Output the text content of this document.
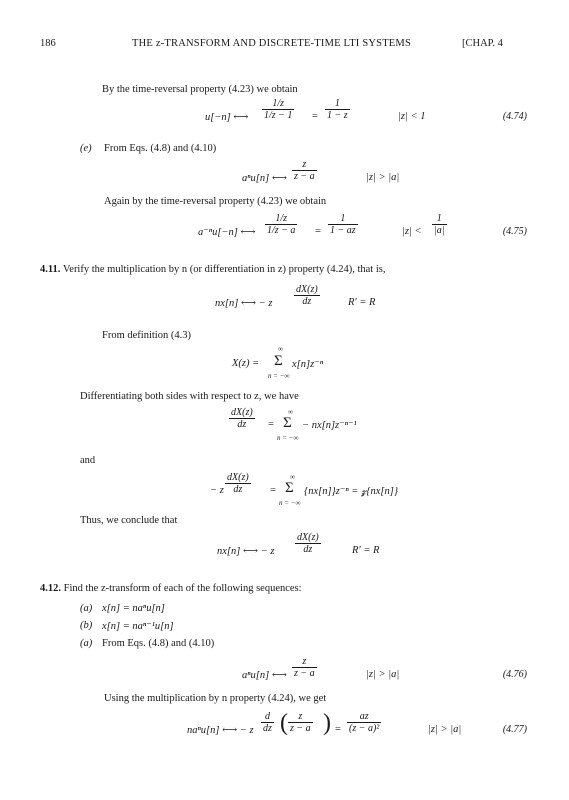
186	THE z-TRANSFORM AND DISCRETE-TIME LTI SYSTEMS	[CHAP. 4
By the time-reversal property (4.23) we obtain
u[−n] ⟷ $\frac{1/z}{1/z - 1} = \frac{1}{1 - z}$	|z| < 1	(4.74)
(e) From Eqs. (4.8) and (4.10)
aⁿu[n] ⟷ $\frac{z}{z - a}$	|z| > |a|
Again by the time-reversal property (4.23) we obtain
a⁻ⁿu[−n] ⟷ $\frac{1/z}{1/z - a} = \frac{1}{1 - az}$	$|z| < \frac{1}{|a|}$	(4.75)
4.11. Verify the multiplication by n (or differentiation in z) property (4.24), that is,
nx[n] ⟷ − z $\frac{dX(z)}{dz}$	R′ = R
From definition (4.3)
X(z) =
∞
Σ
n = −∞
x[n]z⁻ⁿ
Differentiating both sides with respect to z, we have
$\frac{dX(z)}{dz}$ =
∞
Σ
n = −∞
− nx[n]z⁻ⁿ⁻¹
and
− z $\frac{dX(z)}{dz}$ =
∞
Σ
n = −∞
{nx[n]}z⁻ⁿ = 𝔃{nx[n]}
Thus, we conclude that
nx[n] ⟷ − z $\frac{dX(z)}{dz}$	R′ = R
4.12. Find the z-transform of each of the following sequences:
(a) x[n] = naⁿu[n]
(b) x[n] = naⁿ⁻¹u[n]
(a) From Eqs. (4.8) and (4.10)
aⁿu[n] ⟷ $\frac{z}{z - a}$	|z| > |a|	(4.76)
Using the multiplication by n property (4.24), we get
naⁿu[n] ⟷ − z $\frac{d}{dz}$ ( $\frac{z}{z - a}$ ) = $\frac{az}{\text{(z − a)²}}$	|z| > |a|	(4.77)
